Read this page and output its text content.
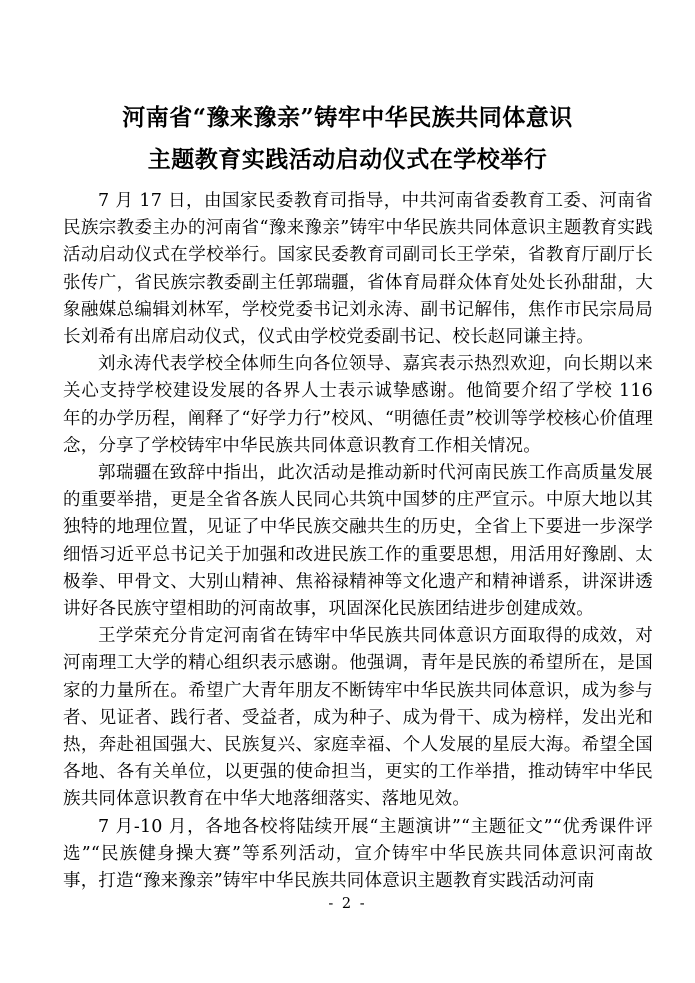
河南省“豫来豫亲”铸牢中华民族共同体意识
主题教育实践活动启动仪式在学校举行

7 月 17 日，由国家民委教育司指导，中共河南省委教育工委、河南省民族宗教委主办的河南省“豫来豫亲”铸牢中华民族共同体意识主题教育实践活动启动仪式在学校举行。国家民委教育司副司长王学荣，省教育厅副厅长张传广，省民族宗教委副主任郭瑞疆，省体育局群众体育处处长孙甜甜，大象融媒总编辑刘林军，学校党委书记刘永涛、副书记解伟，焦作市民宗局局长刘希有出席启动仪式，仪式由学校党委副书记、校长赵同谦主持。

刘永涛代表学校全体师生向各位领导、嘉宾表示热烈欢迎，向长期以来关心支持学校建设发展的各界人士表示诚挚感谢。他简要介绍了学校 116 年的办学历程，阐释了“好学力行”校风、“明德任责”校训等学校核心价值理念，分享了学校铸牢中华民族共同体意识教育工作相关情况。

郭瑞疆在致辞中指出，此次活动是推动新时代河南民族工作高质量发展的重要举措，更是全省各族人民同心共筑中国梦的庄严宣示。中原大地以其独特的地理位置，见证了中华民族交融共生的历史，全省上下要进一步深学细悟习近平总书记关于加强和改进民族工作的重要思想，用活用好豫剧、太极拳、甲骨文、大别山精神、焦裕禄精神等文化遗产和精神谱系，讲深讲透讲好各民族守望相助的河南故事，巩固深化民族团结进步创建成效。

王学荣充分肯定河南省在铸牢中华民族共同体意识方面取得的成效，对河南理工大学的精心组织表示感谢。他强调，青年是民族的希望所在，是国家的力量所在。希望广大青年朋友不断铸牢中华民族共同体意识，成为参与者、见证者、践行者、受益者，成为种子、成为骨干、成为榜样，发出光和热，奔赴祖国强大、民族复兴、家庭幸福、个人发展的星辰大海。希望全国各地、各有关单位，以更强的使命担当，更实的工作举措，推动铸牢中华民族共同体意识教育在中华大地落细落实、落地见效。

7 月-10 月，各地各校将陆续开展“主题演讲”“主题征文”“优秀课件评选”“民族健身操大赛”等系列活动，宣介铸牢中华民族共同体意识河南故事，打造“豫来豫亲”铸牢中华民族共同体意识主题教育实践活动河南

- 2 -
